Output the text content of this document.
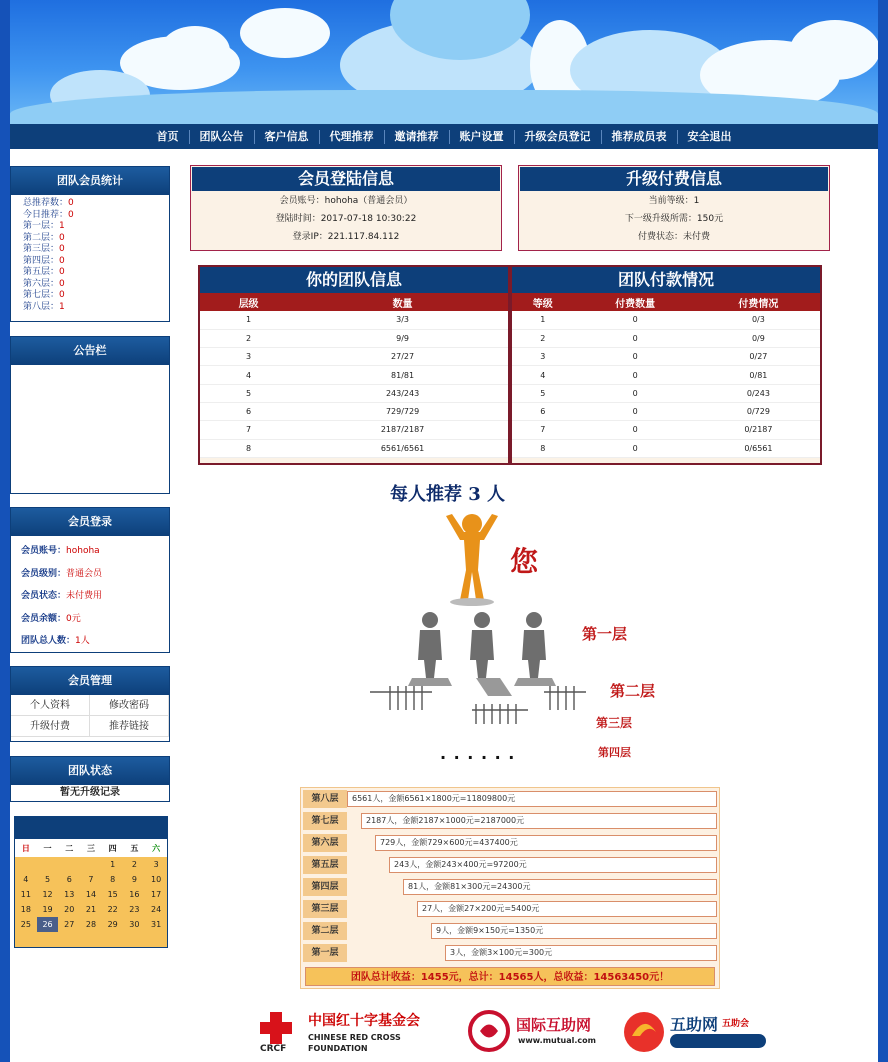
首页	团队公告	客户信息	代理推荐	邀请推荐	账户设置	升级会员登记	推荐成员表	安全退出
团队会员统计
总推荐数：0
今日推荐：0
第一层：1
第二层：0
第三层：0
第四层：0
第五层：0
第六层：0
第七层：0
第八层：1
公告栏
会员登录
会员账号：hohoha
会员级别：普通会员
会员状态：未付费用
会员余额：0元
团队总人数：1人
会员管理
个人资料	修改密码
升级付费	推荐链接
团队状态
暂无升级记录
日	一	二	三	四	五	六
				1	2	3
4	5	6	7	8	9	10
11	12	13	14	15	16	17
18	19	20	21	22	23	24
25	26	27	28	29	30	31
会员登陆信息
会员账号：hohoha（普通会员）
登陆时间：2017-07-18 10:30:22
登录IP：221.117.84.112
升级付费信息
当前等级：1
下一级升级所需：150元
付费状态：未付费
你的团队信息
层级	数量
1	3/3
2	9/9
3	27/27
4	81/81
5	243/243
6	729/729
7	2187/2187
8	6561/6561
团队付款情况
等级	付费数量	付费情况
1	0	0/3
2	0	0/9
3	0	0/27
4	0	0/81
5	0	0/243
6	0	0/729
7	0	0/2187
8	0	0/6561
每人推荐 3 人
您
第一层
第二层
第三层
第四层
· · · · · ·
团队总计收益：1455元，总计：14565人，总收益：14563450元！
第八层	6561人，金额6561×1800元=11809800元
第七层	2187人，金额2187×1000元=2187000元
第六层	729人，金额729×600元=437400元
第五层	243人，金额243×400元=97200元
第四层	81人，金额81×300元=24300元
第三层	27人，金额27×200元=5400元
第二层	9人，金额9×150元=1350元
第一层	3人，金额3×100元=300元
CRCF
中国红十字基金会
CHINESE RED CROSS FOUNDATION
国际互助网
www.mutual.com
五助网 五助会
